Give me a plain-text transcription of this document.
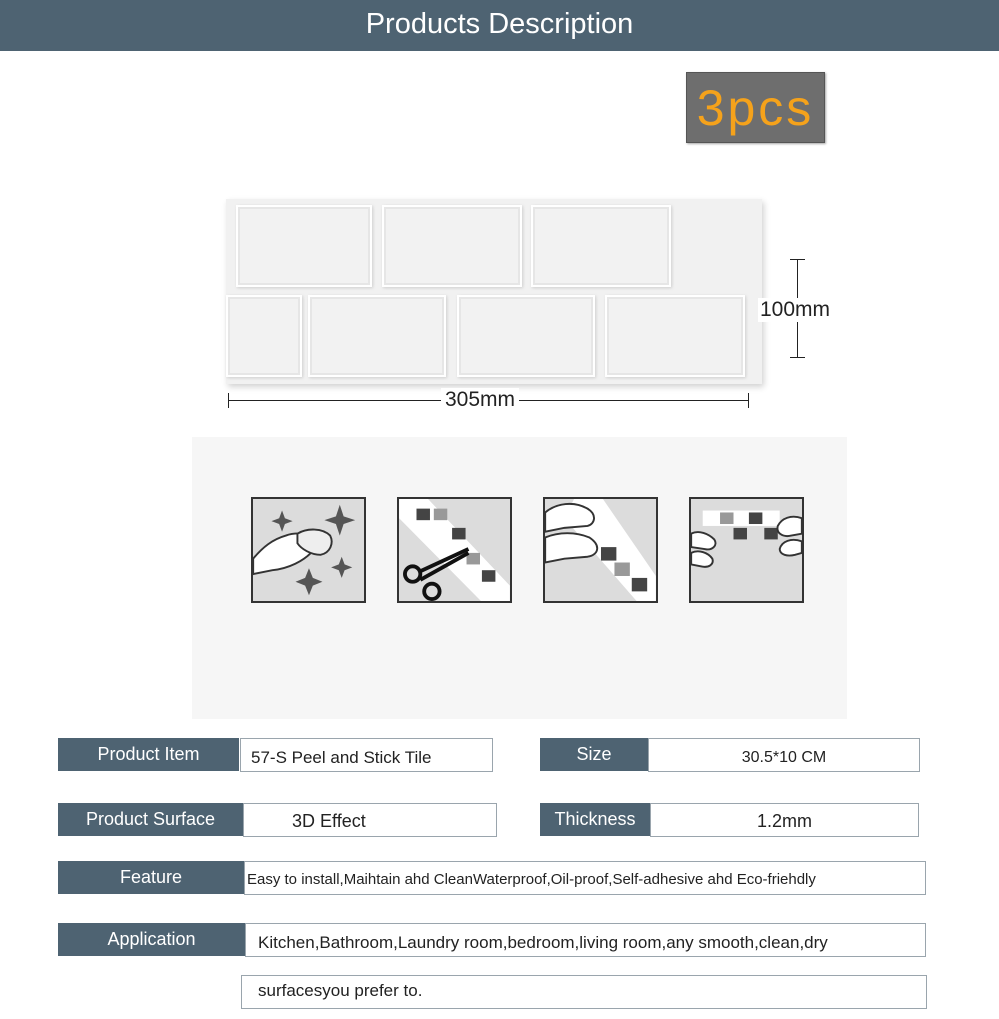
Products Description
3pcs
100mm
305mm
Product Item	57-S Peel and Stick Tile	Size	30.5*10 CM
Product Surface	3D Effect	Thickness	1.2mm
Feature	Easy to install,Maihtain ahd CleanWaterproof,Oil-proof,Self-adhesive ahd Eco-friehdly
Application	Kitchen,Bathroom,Laundry room,bedroom,living room,any smooth,clean,dry
surfacesyou prefer to.
